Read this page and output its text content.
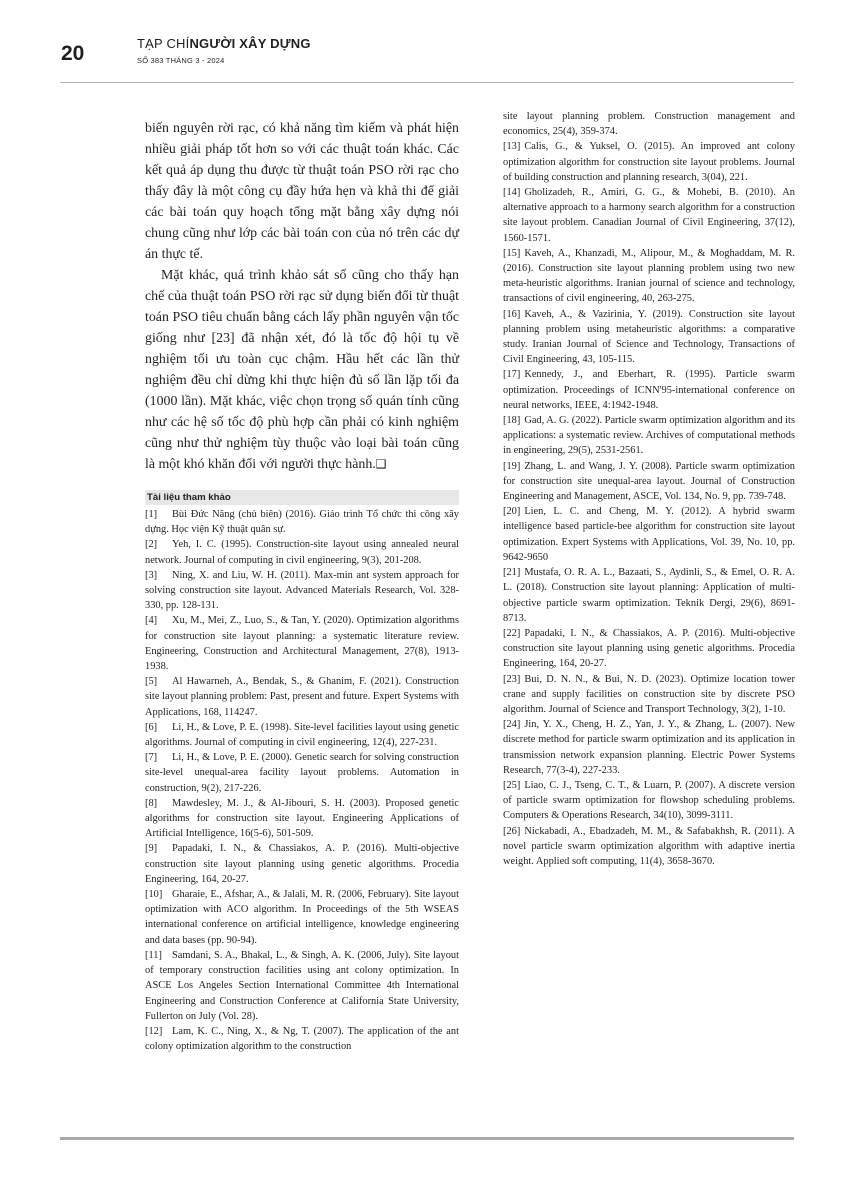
20	TẠP CHÍNGƯỜI XÂY DỰNG
SỐ 383 THÁNG 3 - 2024

biến nguyên rời rạc, có khả năng tìm kiếm và phát hiện nhiều giải pháp tốt hơn so với các thuật toán khác. Các kết quả áp dụng thu được từ thuật toán PSO rời rạc cho thấy đây là một công cụ đầy hứa hẹn và khả thi để giải các bài toán quy hoạch tổng mặt bằng xây dựng nói chung cũng như lớp các bài toán con của nó trên các dự án thực tế.

Mặt khác, quá trình khảo sát số cũng cho thấy hạn chế của thuật toán PSO rời rạc sử dụng biến đổi từ thuật toán PSO tiêu chuẩn bằng cách lấy phần nguyên vận tốc giống như [23] đã nhận xét, đó là tốc độ hội tụ về nghiệm tối ưu toàn cục chậm. Hầu hết các lần thử nghiệm đều chỉ dừng khi thực hiện đủ số lần lặp tối đa (1000 lần). Mặt khác, việc chọn trọng số quán tính cũng như các hệ số tốc độ phù hợp cần phải có kinh nghiệm cũng như thử nghiệm tùy thuộc vào loại bài toán cũng là một khó khăn đối với người thực hành.❑

Tài liệu tham khảo

[1] Bùi Đức Năng (chủ biên) (2016). Giáo trình Tổ chức thi công xây dựng. Học viện Kỹ thuật quân sự.

[2] Yeh, I. C. (1995). Construction-site layout using annealed neural network. Journal of computing in civil engineering, 9(3), 201-208.

[3] Ning, X. and Liu, W. H. (2011). Max-min ant system approach for solving construction site layout. Advanced Materials Research, Vol. 328-330, pp. 128-131.

[4] Xu, M., Mei, Z., Luo, S., & Tan, Y. (2020). Optimization algorithms for construction site layout planning: a systematic literature review. Engineering, Construction and Architectural Management, 27(8), 1913-1938.

[5] Al Hawarneh, A., Bendak, S., & Ghanim, F. (2021). Construction site layout planning problem: Past, present and future. Expert Systems with Applications, 168, 114247.

[6] Li, H., & Love, P. E. (1998). Site-level facilities layout using genetic algorithms. Journal of computing in civil engineering, 12(4), 227-231.

[7] Li, H., & Love, P. E. (2000). Genetic search for solving construction site-level unequal-area facility layout problems. Automation in construction, 9(2), 217-226.

[8] Mawdesley, M. J., & Al-Jibouri, S. H. (2003). Proposed genetic algorithms for construction site layout. Engineering Applications of Artificial Intelligence, 16(5-6), 501-509.

[9] Papadaki, I. N., & Chassiakos, A. P. (2016). Multi-objective construction site layout planning using genetic algorithms. Procedia Engineering, 164, 20-27.

[10] Gharaie, E., Afshar, A., & Jalali, M. R. (2006, February). Site layout optimization with ACO algorithm. In Proceedings of the 5th WSEAS international conference on artificial intelligence, knowledge engineering and data bases (pp. 90-94).

[11] Samdani, S. A., Bhakal, L., & Singh, A. K. (2006, July). Site layout of temporary construction facilities using ant colony optimization. In ASCE Los Angeles Section International Committee 4th International Engineering and Construction Conference at California State University, Fullerton on July (Vol. 28).

[12] Lam, K. C., Ning, X., & Ng, T. (2007). The application of the ant colony optimization algorithm to the construction

site layout planning problem. Construction management and economics, 25(4), 359-374.

[13] Calis, G., & Yuksel, O. (2015). An improved ant colony optimization algorithm for construction site layout problems. Journal of building construction and planning research, 3(04), 221.

[14] Gholizadeh, R., Amiri, G. G., & Mohebi, B. (2010). An alternative approach to a harmony search algorithm for a construction site layout problem. Canadian Journal of Civil Engineering, 37(12), 1560-1571.

[15] Kaveh, A., Khanzadi, M., Alipour, M., & Moghaddam, M. R. (2016). Construction site layout planning problem using two new meta-heuristic algorithms. Iranian journal of science and technology, transactions of civil engineering, 40, 263-275.

[16] Kaveh, A., & Vazirinia, Y. (2019). Construction site layout planning problem using metaheuristic algorithms: a comparative study. Iranian Journal of Science and Technology, Transactions of Civil Engineering, 43, 105-115.

[17] Kennedy, J., and Eberhart, R. (1995). Particle swarm optimization. Proceedings of ICNN'95-international conference on neural networks, IEEE, 4:1942-1948.

[18] Gad, A. G. (2022). Particle swarm optimization algorithm and its applications: a systematic review. Archives of computational methods in engineering, 29(5), 2531-2561.

[19] Zhang, L. and Wang, J. Y. (2008). Particle swarm optimization for construction site unequal-area layout. Journal of Construction Engineering and Management, ASCE, Vol. 134, No. 9, pp. 739-748.

[20] Lien, L. C. and Cheng, M. Y. (2012). A hybrid swarm intelligence based particle-bee algorithm for construction site layout optimization. Expert Systems with Applications, Vol. 39, No. 10, pp. 9642-9650

[21] Mustafa, O. R. A. L., Bazaati, S., Aydinli, S., & Emel, O. R. A. L. (2018). Construction site layout planning: Application of multi-objective particle swarm optimization. Teknik Dergi, 29(6), 8691-8713.

[22] Papadaki, I. N., & Chassiakos, A. P. (2016). Multi-objective construction site layout planning using genetic algorithms. Procedia Engineering, 164, 20-27.

[23] Bui, D. N. N., & Bui, N. D. (2023). Optimize location tower crane and supply facilities on construction site by discrete PSO algorithm. Journal of Science and Transport Technology, 3(2), 1-10.

[24] Jin, Y. X., Cheng, H. Z., Yan, J. Y., & Zhang, L. (2007). New discrete method for particle swarm optimization and its application in transmission network expansion planning. Electric Power Systems Research, 77(3-4), 227-233.

[25] Liao, C. J., Tseng, C. T., & Luarn, P. (2007). A discrete version of particle swarm optimization for flowshop scheduling problems. Computers & Operations Research, 34(10), 3099-3111.

[26] Nickabadi, A., Ebadzadeh, M. M., & Safabakhsh, R. (2011). A novel particle swarm optimization algorithm with adaptive inertia weight. Applied soft computing, 11(4), 3658-3670.
